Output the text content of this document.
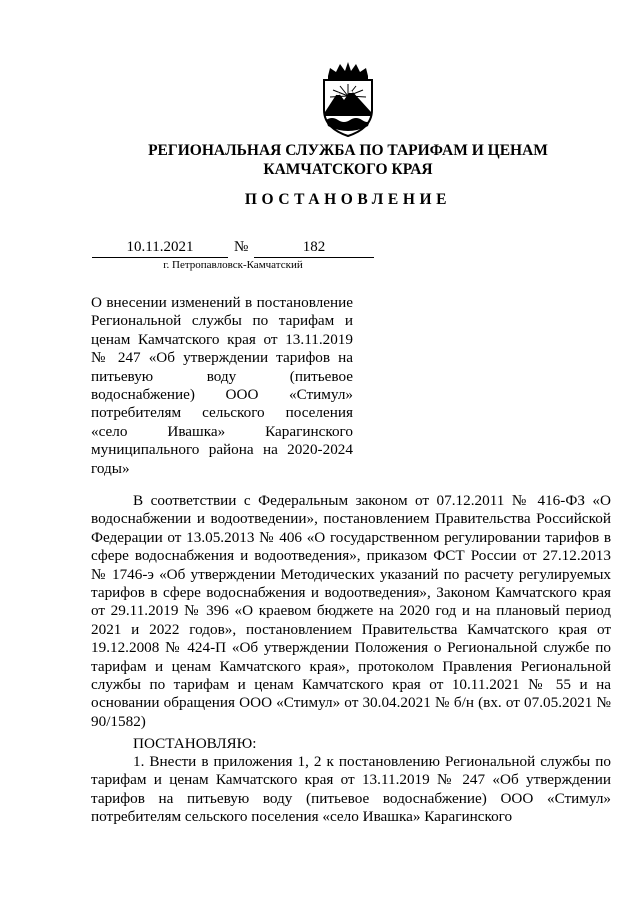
РЕГИОНАЛЬНАЯ СЛУЖБА ПО ТАРИФАМ И ЦЕНАМ
КАМЧАТСКОГО КРАЯ
ПОСТАНОВЛЕНИЕ
10.11.2021	№	182
г. Петропавловск-Камчатский

О внесении изменений в постановление Региональной службы по тарифам и ценам Камчатского края от 13.11.2019 № 247 «Об утверждении тарифов на питьевую воду (питьевое водоснабжение) ООО «Стимул» потребителям сельского поселения «село Ивашка» Карагинского муниципального района на 2020-2024 годы»

В соответствии с Федеральным законом от 07.12.2011 № 416-ФЗ «О водоснабжении и водоотведении», постановлением Правительства Российской Федерации от 13.05.2013 № 406 «О государственном регулировании тарифов в сфере водоснабжения и водоотведения», приказом ФСТ России от 27.12.2013 № 1746-э «Об утверждении Методических указаний по расчету регулируемых тарифов в сфере водоснабжения и водоотведения», Законом Камчатского края от 29.11.2019 № 396 «О краевом бюджете на 2020 год и на плановый период 2021 и 2022 годов», постановлением Правительства Камчатского края от 19.12.2008 № 424-П «Об утверждении Положения о Региональной службе по тарифам и ценам Камчатского края», протоколом Правления Региональной службы по тарифам и ценам Камчатского края от 10.11.2021 № 55 и на основании обращения ООО «Стимул» от 30.04.2021 № б/н (вх. от 07.05.2021 № 90/1582)

ПОСТАНОВЛЯЮ:

1. Внести в приложения 1, 2 к постановлению Региональной службы по тарифам и ценам Камчатского края от 13.11.2019 № 247 «Об утверждении тарифов на питьевую воду (питьевое водоснабжение) ООО «Стимул» потребителям сельского поселения «село Ивашка» Карагинского
